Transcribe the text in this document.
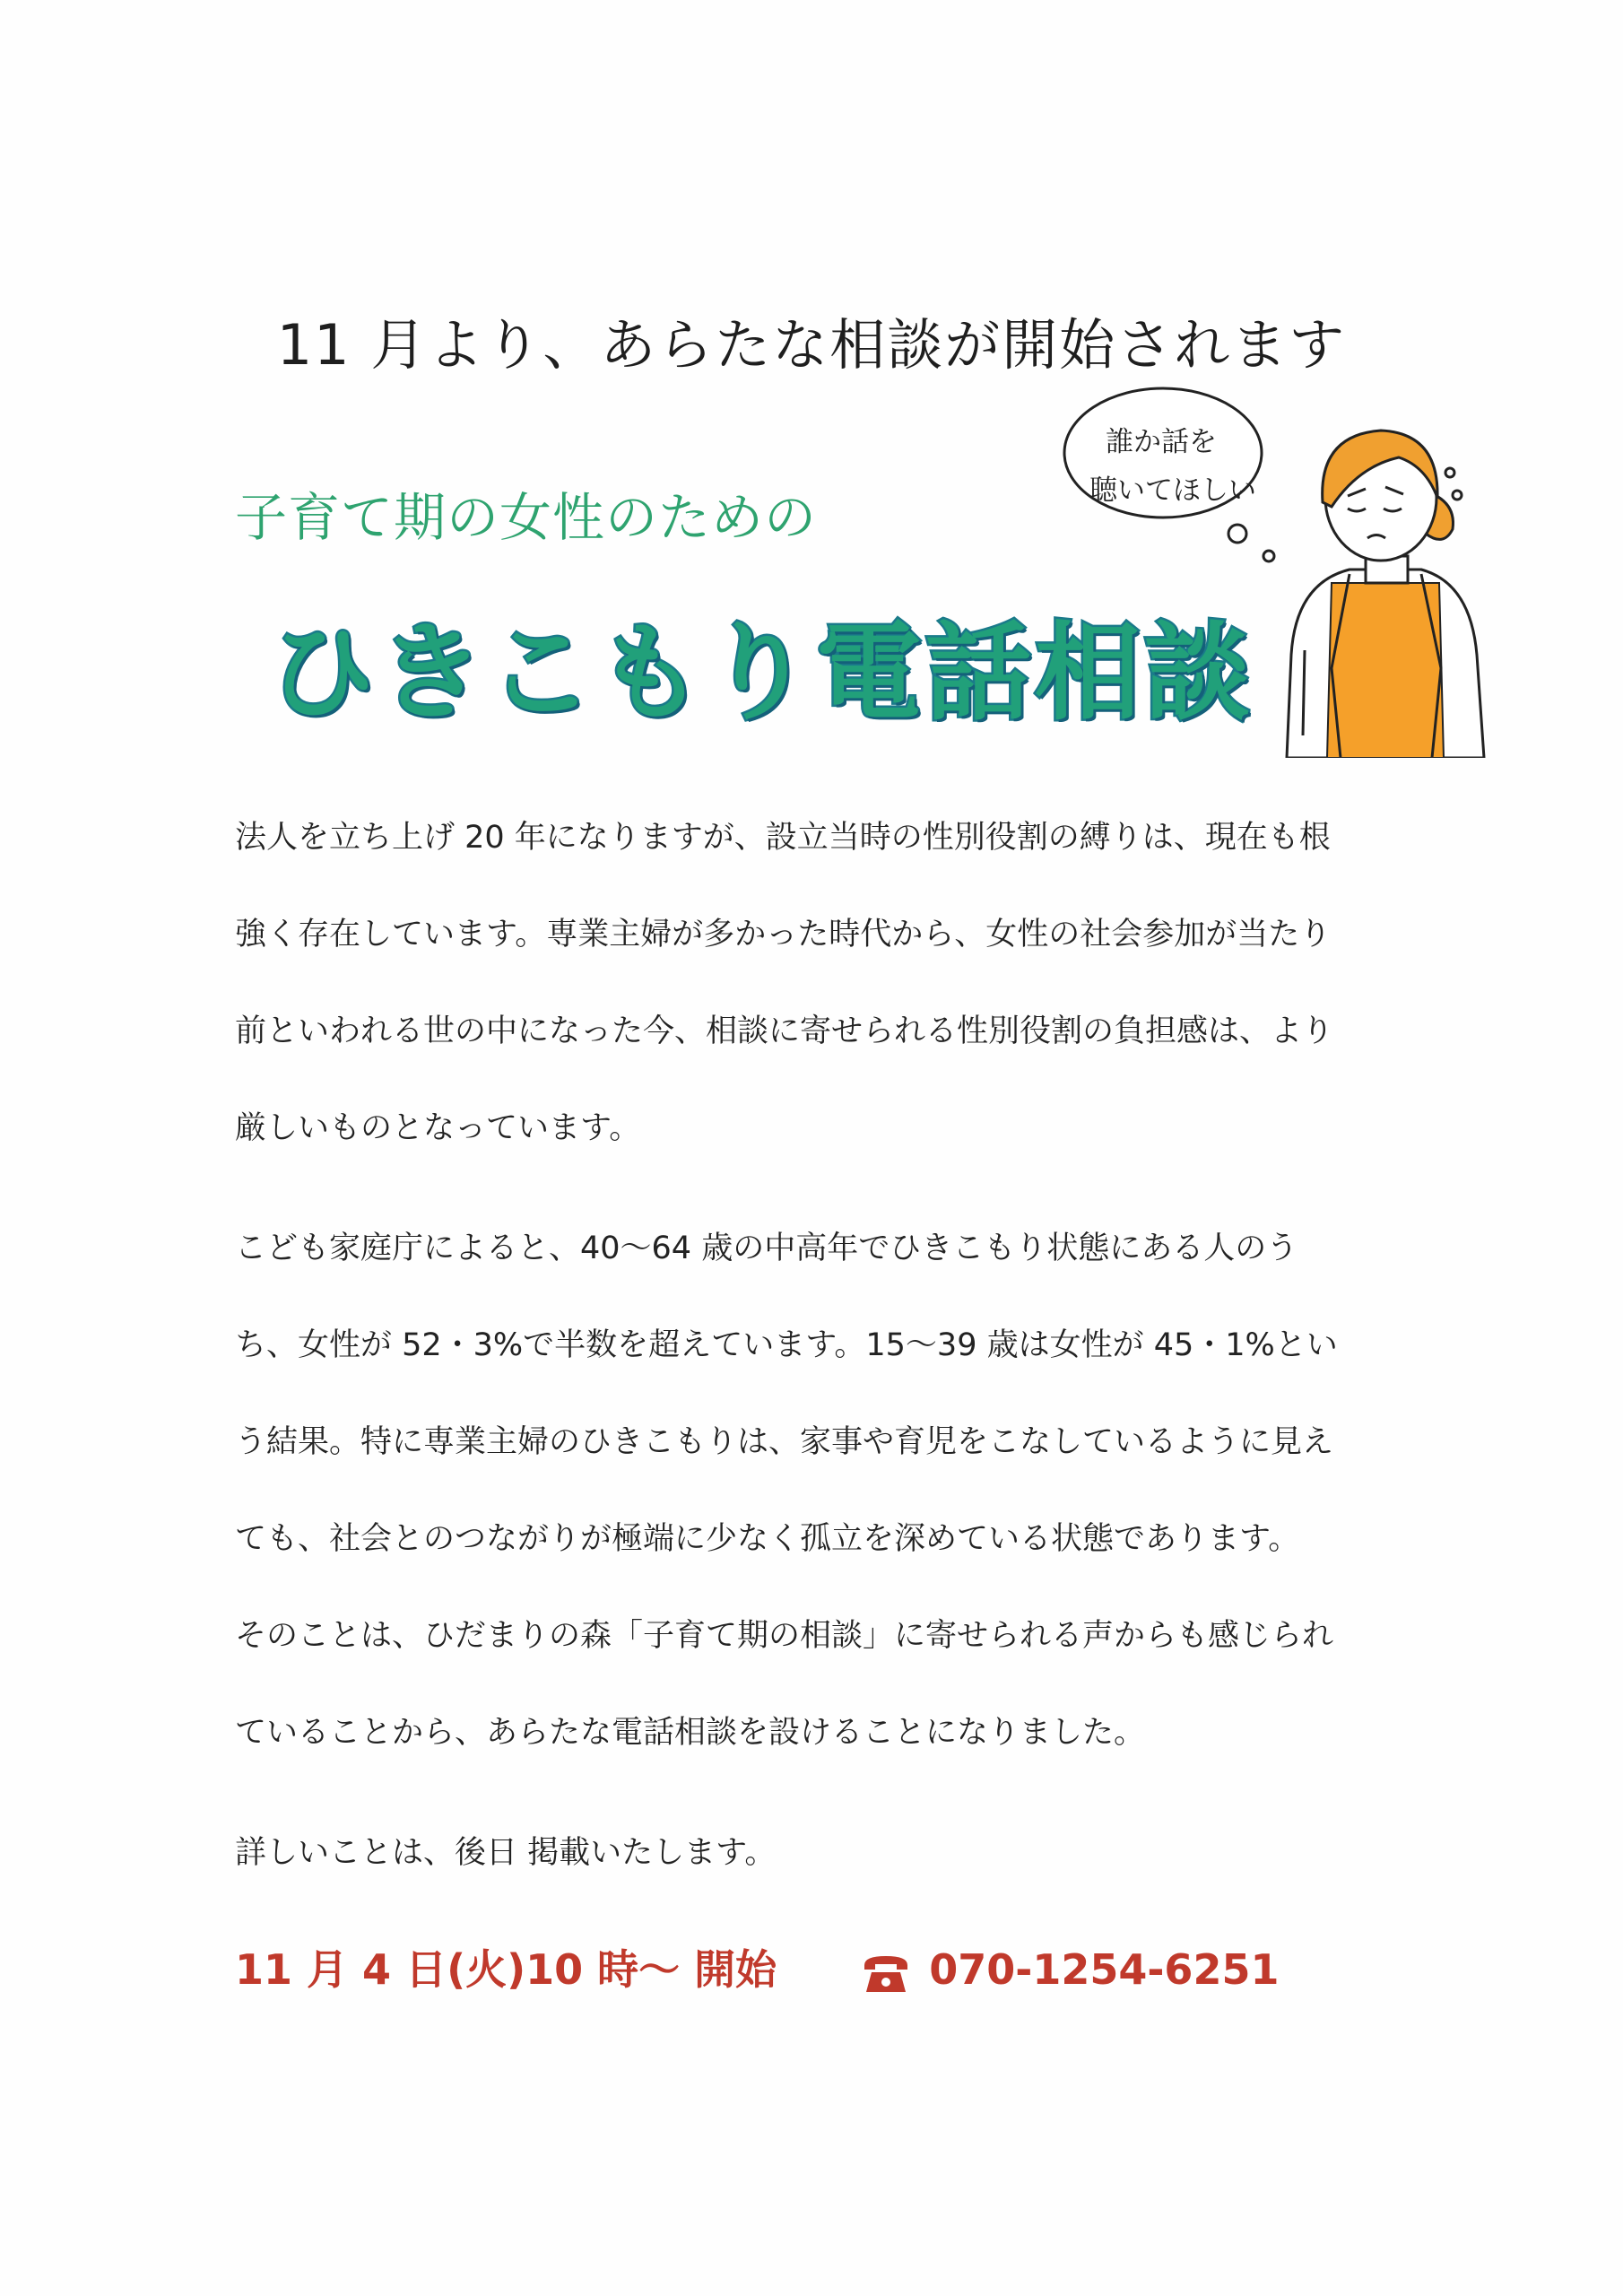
11 月より、あらたな相談が開始されます
子育て期の女性のための
ひきこもり電話相談
誰か話を
聴いてほしい

法人を立ち上げ 20 年になりますが、設立当時の性別役割の縛りは、現在も根

強く存在しています。専業主婦が多かった時代から、女性の社会参加が当たり

前といわれる世の中になった今、相談に寄せられる性別役割の負担感は、より

厳しいものとなっています。

こども家庭庁によると、40～64 歳の中高年でひきこもり状態にある人のう

ち、女性が 52・3%で半数を超えています。15～39 歳は女性が 45・1%とい

う結果。特に専業主婦のひきこもりは、家事や育児をこなしているように見え

ても、社会とのつながりが極端に少なく孤立を深めている状態であります。

そのことは、ひだまりの森「子育て期の相談」に寄せられる声からも感じられ

ていることから、あらたな電話相談を設けることになりました。

詳しいことは、後日 掲載いたします。

11 月 4 日(火)10 時～ 開始	070-1254-6251
